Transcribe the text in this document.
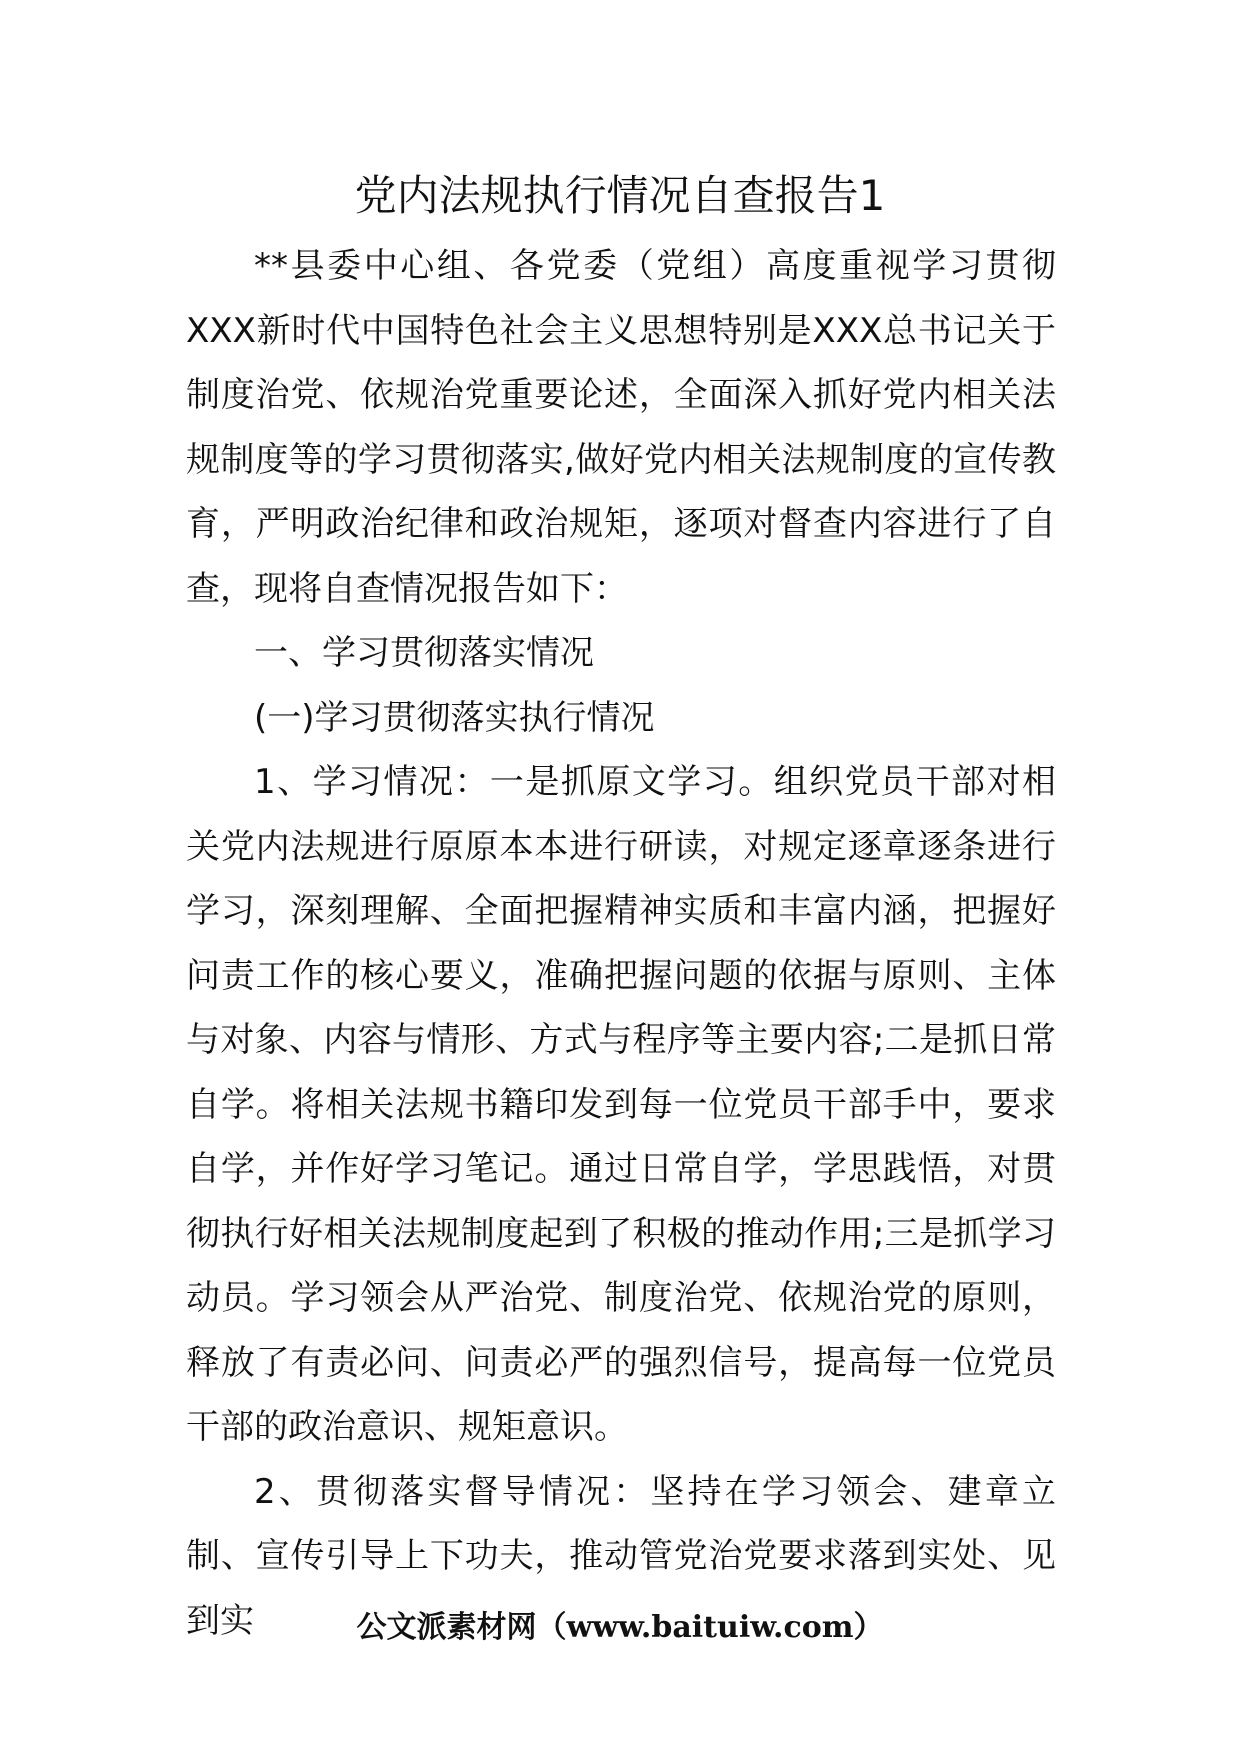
党内法规执行情况自查报告1

**县委中心组、各党委（党组）高度重视学习贯彻XXX新时代中国特色社会主义思想特别是XXX总书记关于制度治党、依规治党重要论述，全面深入抓好党内相关法规制度等的学习贯彻落实,做好党内相关法规制度的宣传教育，严明政治纪律和政治规矩，逐项对督查内容进行了自查，现将自查情况报告如下：

一、学习贯彻落实情况

(一)学习贯彻落实执行情况

1、学习情况：一是抓原文学习。组织党员干部对相关党内法规进行原原本本进行研读，对规定逐章逐条进行学习，深刻理解、全面把握精神实质和丰富内涵，把握好问责工作的核心要义，准确把握问题的依据与原则、主体与对象、内容与情形、方式与程序等主要内容;二是抓日常自学。将相关法规书籍印发到每一位党员干部手中，要求自学，并作好学习笔记。通过日常自学，学思践悟，对贯彻执行好相关法规制度起到了积极的推动作用;三是抓学习动员。学习领会从严治党、制度治党、依规治党的原则，释放了有责必问、问责必严的强烈信号，提高每一位党员干部的政治意识、规矩意识。

2、贯彻落实督导情况：坚持在学习领会、建章立制、宣传引导上下功夫，推动管党治党要求落到实处、见到实	公文派素材网（www.baituiw.com）
